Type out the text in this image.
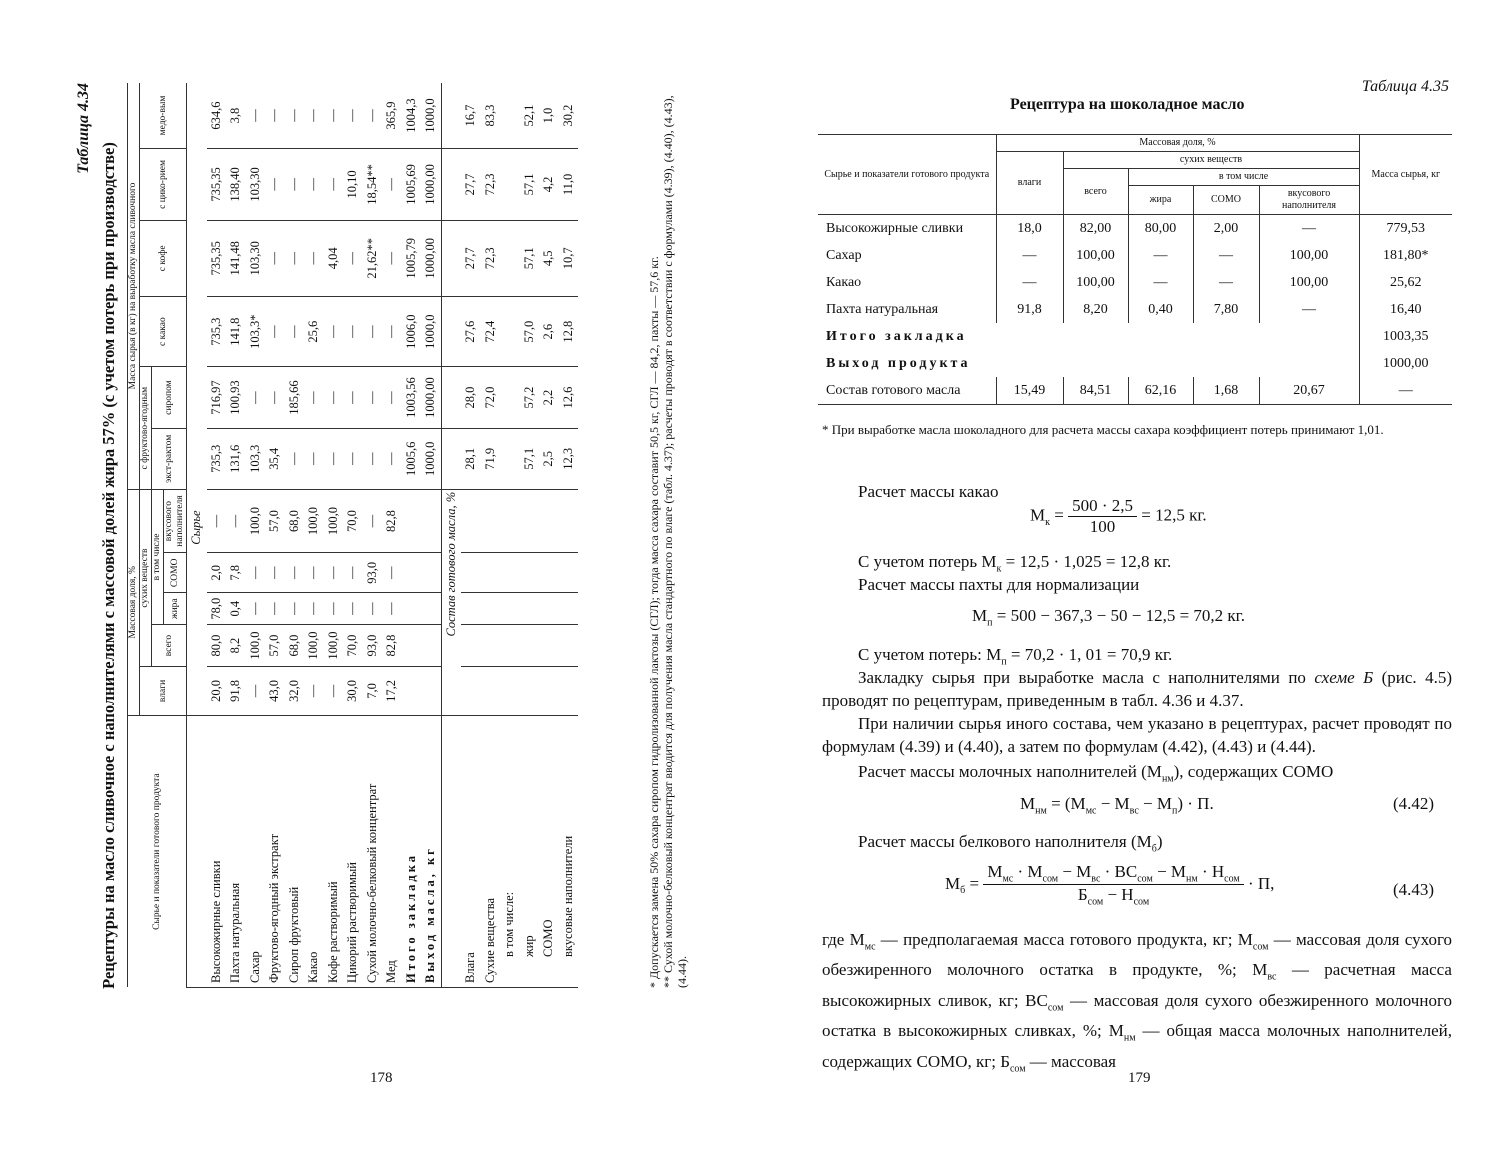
Таблица 4.34
Рецептуры на масло сливочное с наполнителями с массовой долей жира 57% (с учетом потерь при производстве)	Сырье и показатели готового продукта	Массовая доля, %					Масса сырья (в кг) на выработку масла сливочного					
	влаги	сухих веществ				с фруктово-ягодным		с какао	с кофе	с цико-рием	медо-вым
		всего	в том числе			экст-рактом	сиропом				
			жира	СОМО	вкусового наполнителя						
	Сырье										
Высокожирные сливки	20,0	80,0	78,0	2,0	—	735,3	716,97	735,3	735,35	735,35	634,6
Пахта натуральная	91,8	8,2	0,4	7,8	—	131,6	100,93	141,8	141,48	138,40	3,8
Сахар	—	100,0	—	—	100,0	103,3	—	103,3*	103,30	103,30	—
Фруктово-ягодный экстракт	43,0	57,0	—	—	57,0	35,4	—	—	—	—	—
Сироп фруктовый	32,0	68,0	—	—	68,0	—	185,66	—	—	—	—
Какао	—	100,0	—	—	100,0	—	—	25,6	—	—	—
Кофе растворимый	—	100,0	—	—	100,0	—	—	—	4,04	—	—
Цикорий растворимый	30,0	70,0	—	—	70,0	—	—	—	—	10,10	—
Сухой молочно-белковый концентрат	7,0	93,0	—	93,0	—	—	—	—	21,62**	18,54**	—
Мед	17,2	82,8	—	—	82,8	—	—	—	—	—	365,9
Итого закладка						1005,6	1003,56	1006,0	1005,79	1005,69	1004,3
Выход масла, кг						1000,0	1000,00	1000,0	1000,00	1000,00	1000,0
	Состав готового масла, %										
Влага						28,1	28,0	27,6	27,7	27,7	16,7
Сухие вещества						71,9	72,0	72,4	72,3	72,3	83,3
в том числе:											
жир						57,1	57,2	57,0	57,1	57,1	52,1
СОМО						2,5	2,2	2,6	4,5	4,2	1,0
вкусовые наполнители						12,3	12,6	12,8	10,7	11,0	30,2
* Допускается замена 50% сахара сиропом гидролизованной лактозы (СГЛ); тогда масса сахара составит 50,5 кг, СГЛ — 84,2, пахты — 57,6 кг. ** Сухой молочно-белковый концентрат вводится для получения масла стандартного по влаге (табл. 4.37); расчеты проводят в соответствии с формулами (4.39), (4.40), (4.43), (4.44).
178
Таблица 4.35
Рецептура на шоколадное масло
Сырье и показатели готового продукта	Массовая доля, %					Масса сырья, кг
	влаги	сухих веществ				
		всего	в том числе			
			жира	СОМО	вкусового наполнителя	
Высокожирные сливки	18,0	82,00	80,00	2,00	—	779,53
Сахар	—	100,00	—	—	100,00	181,80*
Какао	—	100,00	—	—	100,00	25,62
Пахта натуральная	91,8	8,20	0,40	7,80	—	16,40
Итого закладка						1003,35
Выход продукта						1000,00
Состав готового масла	15,49	84,51	62,16	1,68	20,67	—
* При выработке масла шоколадного для расчета массы сахара коэффициент потерь принимают 1,01.
Расчет массы какао
$M_к = \frac{500 \cdot 2,5}{100} = 12,5$ кг.
С учетом потерь $M_к = 12,5 \cdot 1,025 = 12,8$ кг.
Расчет массы пахты для нормализации
$M_п = 500 - 367,3 - 50 - 12,5 = 70,2$ кг.
С учетом потерь: $M_п = 70,2 \cdot 1$, 01 = 70,9 кг.
Закладку сырья при выработке масла с наполнителями по схеме Б (рис. 4.5) проводят по рецептурам, приведенным в табл. 4.36 и 4.37.
При наличии сырья иного состава, чем указано в рецептурах, расчет проводят по формулам (4.39) и (4.40), а затем по формулам (4.42), (4.43) и (4.44).
Расчет массы молочных наполнителей $(M_{нм})$, содержащих СОМО
$M_{нм} = (M_{мс} - M_{вс} - M_п) \cdot П$.	(4.42)
Расчет массы белкового наполнителя $(M_б)$
$M_б = \frac{M_{мс} \cdot M_{сом} - M_{вс} \cdot ВС_{сом} - M_{нм} \cdot Н_{сом}}{Б_{сом} - Н_{сом}} \cdot П$,	(4.43)
где $M_{мс}$ — предполагаемая масса готового продукта, кг; $M_{сом}$ — массовая доля сухого обезжиренного молочного остатка в продукте, %; $M_{вс}$ — расчетная масса высокожирных сливок, кг; $ВС_{сом}$ — массовая доля сухого обезжиренного молочного остатка в высокожирных сливках, %; $M_{нм}$ — общая масса молочных наполнителей, содержащих СОМО, кг; $Б_{сом}$ — массовая
179
